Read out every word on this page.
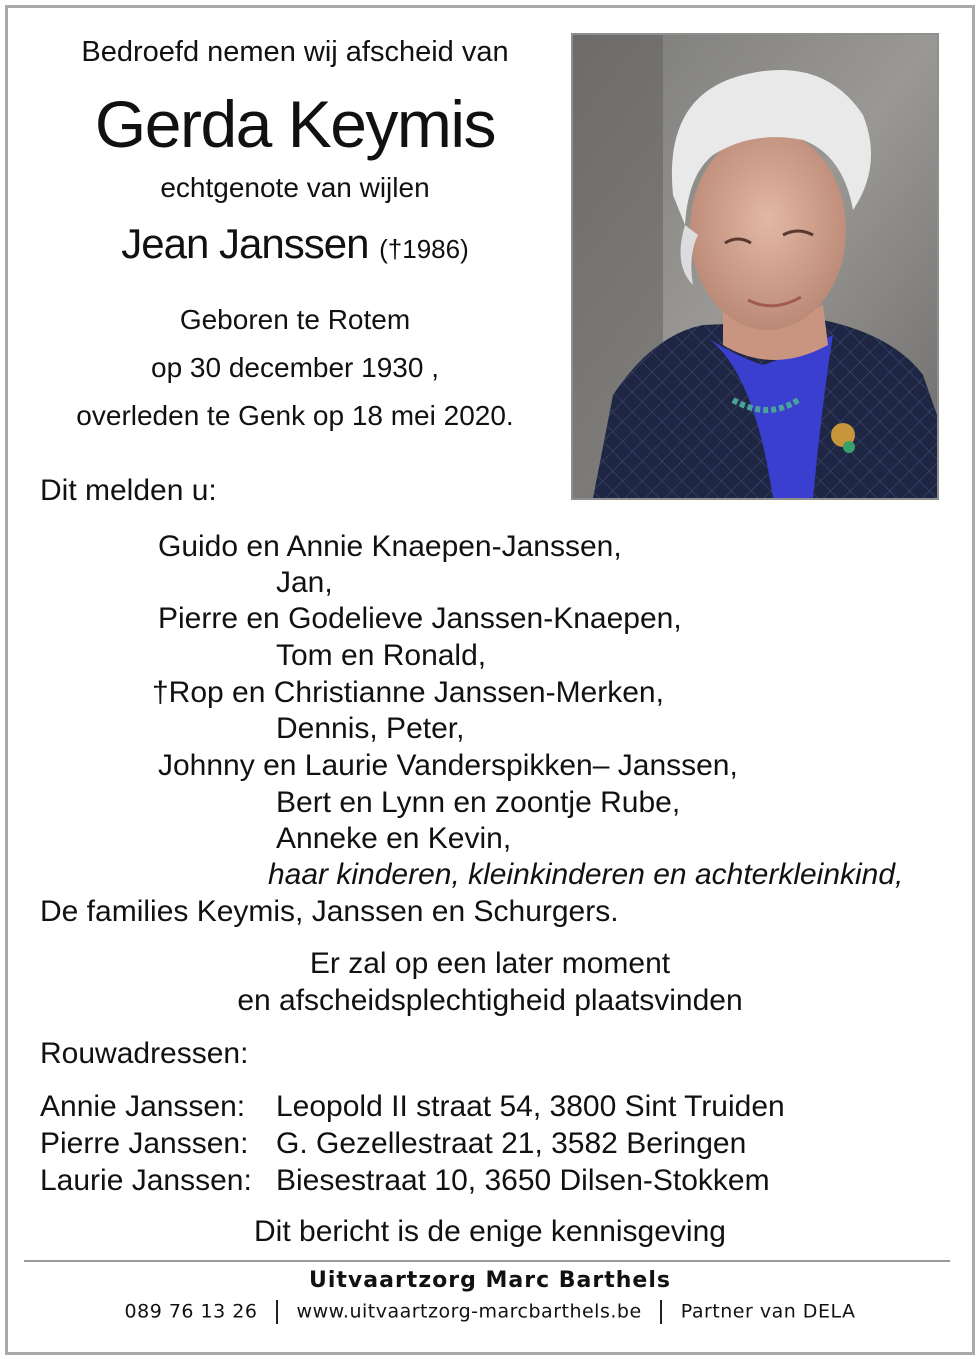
Bedroefd nemen wij afscheid van
Gerda Keymis
echtgenote van wijlen
Jean Janssen (†1986)
Geboren te Rotem
op 30 december 1930 ,
overleden te Genk op 18 mei 2020.
Dit melden u:
Guido en Annie Knaepen-Janssen,
Jan,
Pierre en Godelieve Janssen-Knaepen,
Tom en Ronald,
†Rop en Christianne Janssen-Merken,
Dennis, Peter,
Johnny en Laurie Vanderspikken– Janssen,
Bert en Lynn en zoontje Rube,
Anneke en Kevin,
haar kinderen, kleinkinderen en achterkleinkind,
De families Keymis, Janssen en Schurgers.
Er zal op een later moment
en afscheidsplechtigheid plaatsvinden
Rouwadressen:
Annie Janssen: Leopold II straat 54, 3800 Sint Truiden
Pierre Janssen: G. Gezellestraat 21, 3582 Beringen
Laurie Janssen: Biesestraat 10, 3650 Dilsen-Stokkem
Dit bericht is de enige kennisgeving
Uitvaartzorg Marc Barthels
089 76 13 26 www.uitvaartzorg-marcbarthels.be Partner van DELA
